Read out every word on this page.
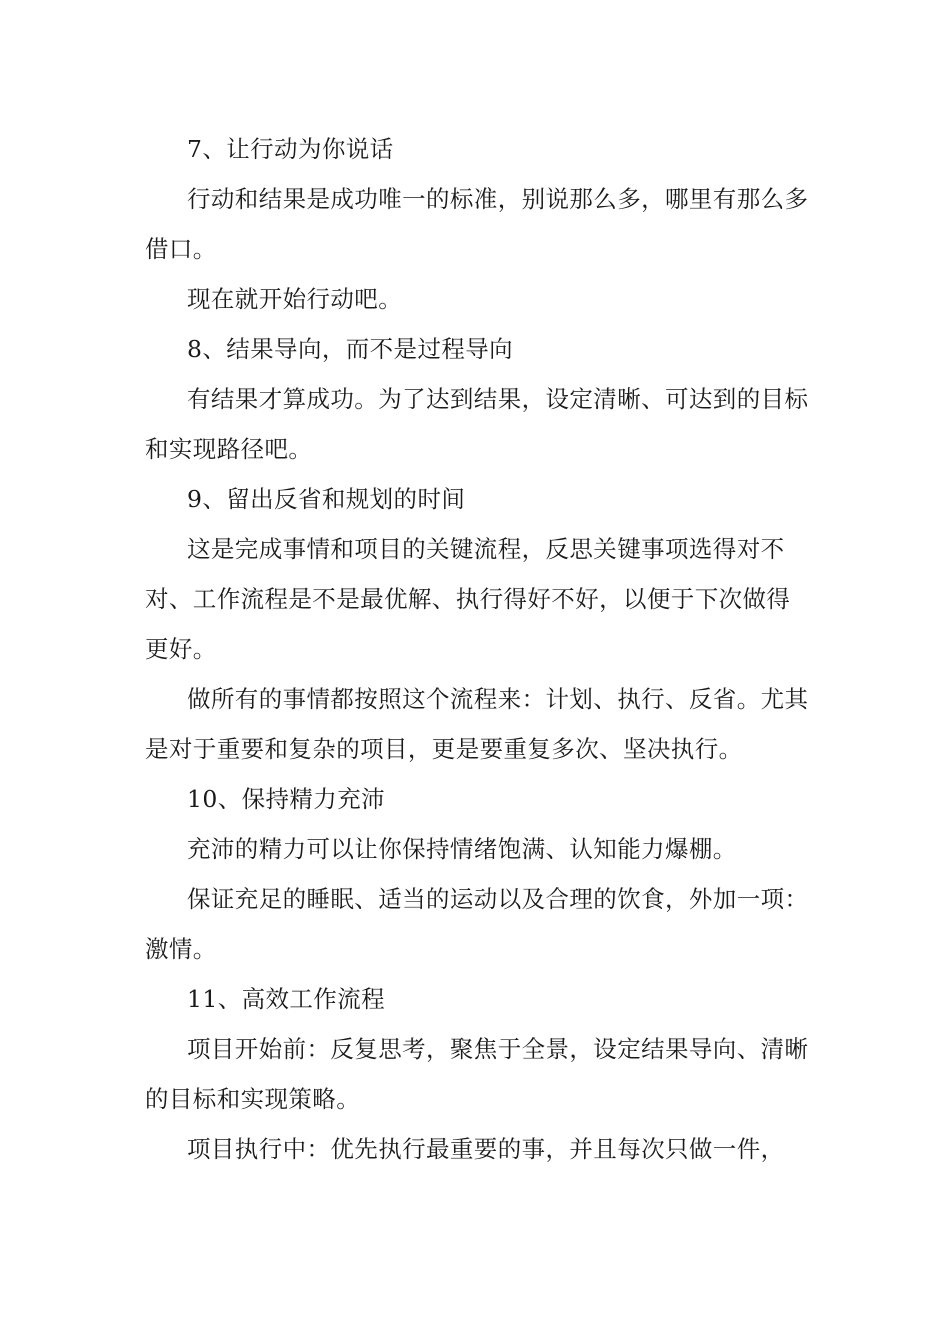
7、让行动为你说话

行动和结果是成功唯一的标准，别说那么多，哪里有那么多借口。

现在就开始行动吧。

8、结果导向，而不是过程导向

有结果才算成功。为了达到结果，设定清晰、可达到的目标和实现路径吧。

9、留出反省和规划的时间

这是完成事情和项目的关键流程，反思关键事项选得对不对、工作流程是不是最优解、执行得好不好，以便于下次做得更好。

做所有的事情都按照这个流程来：计划、执行、反省。尤其是对于重要和复杂的项目，更是要重复多次、坚决执行。

10、保持精力充沛

充沛的精力可以让你保持情绪饱满、认知能力爆棚。

保证充足的睡眠、适当的运动以及合理的饮食，外加一项：激情。

11、高效工作流程

项目开始前：反复思考，聚焦于全景，设定结果导向、清晰的目标和实现策略。

项目执行中：优先执行最重要的事，并且每次只做一件，
